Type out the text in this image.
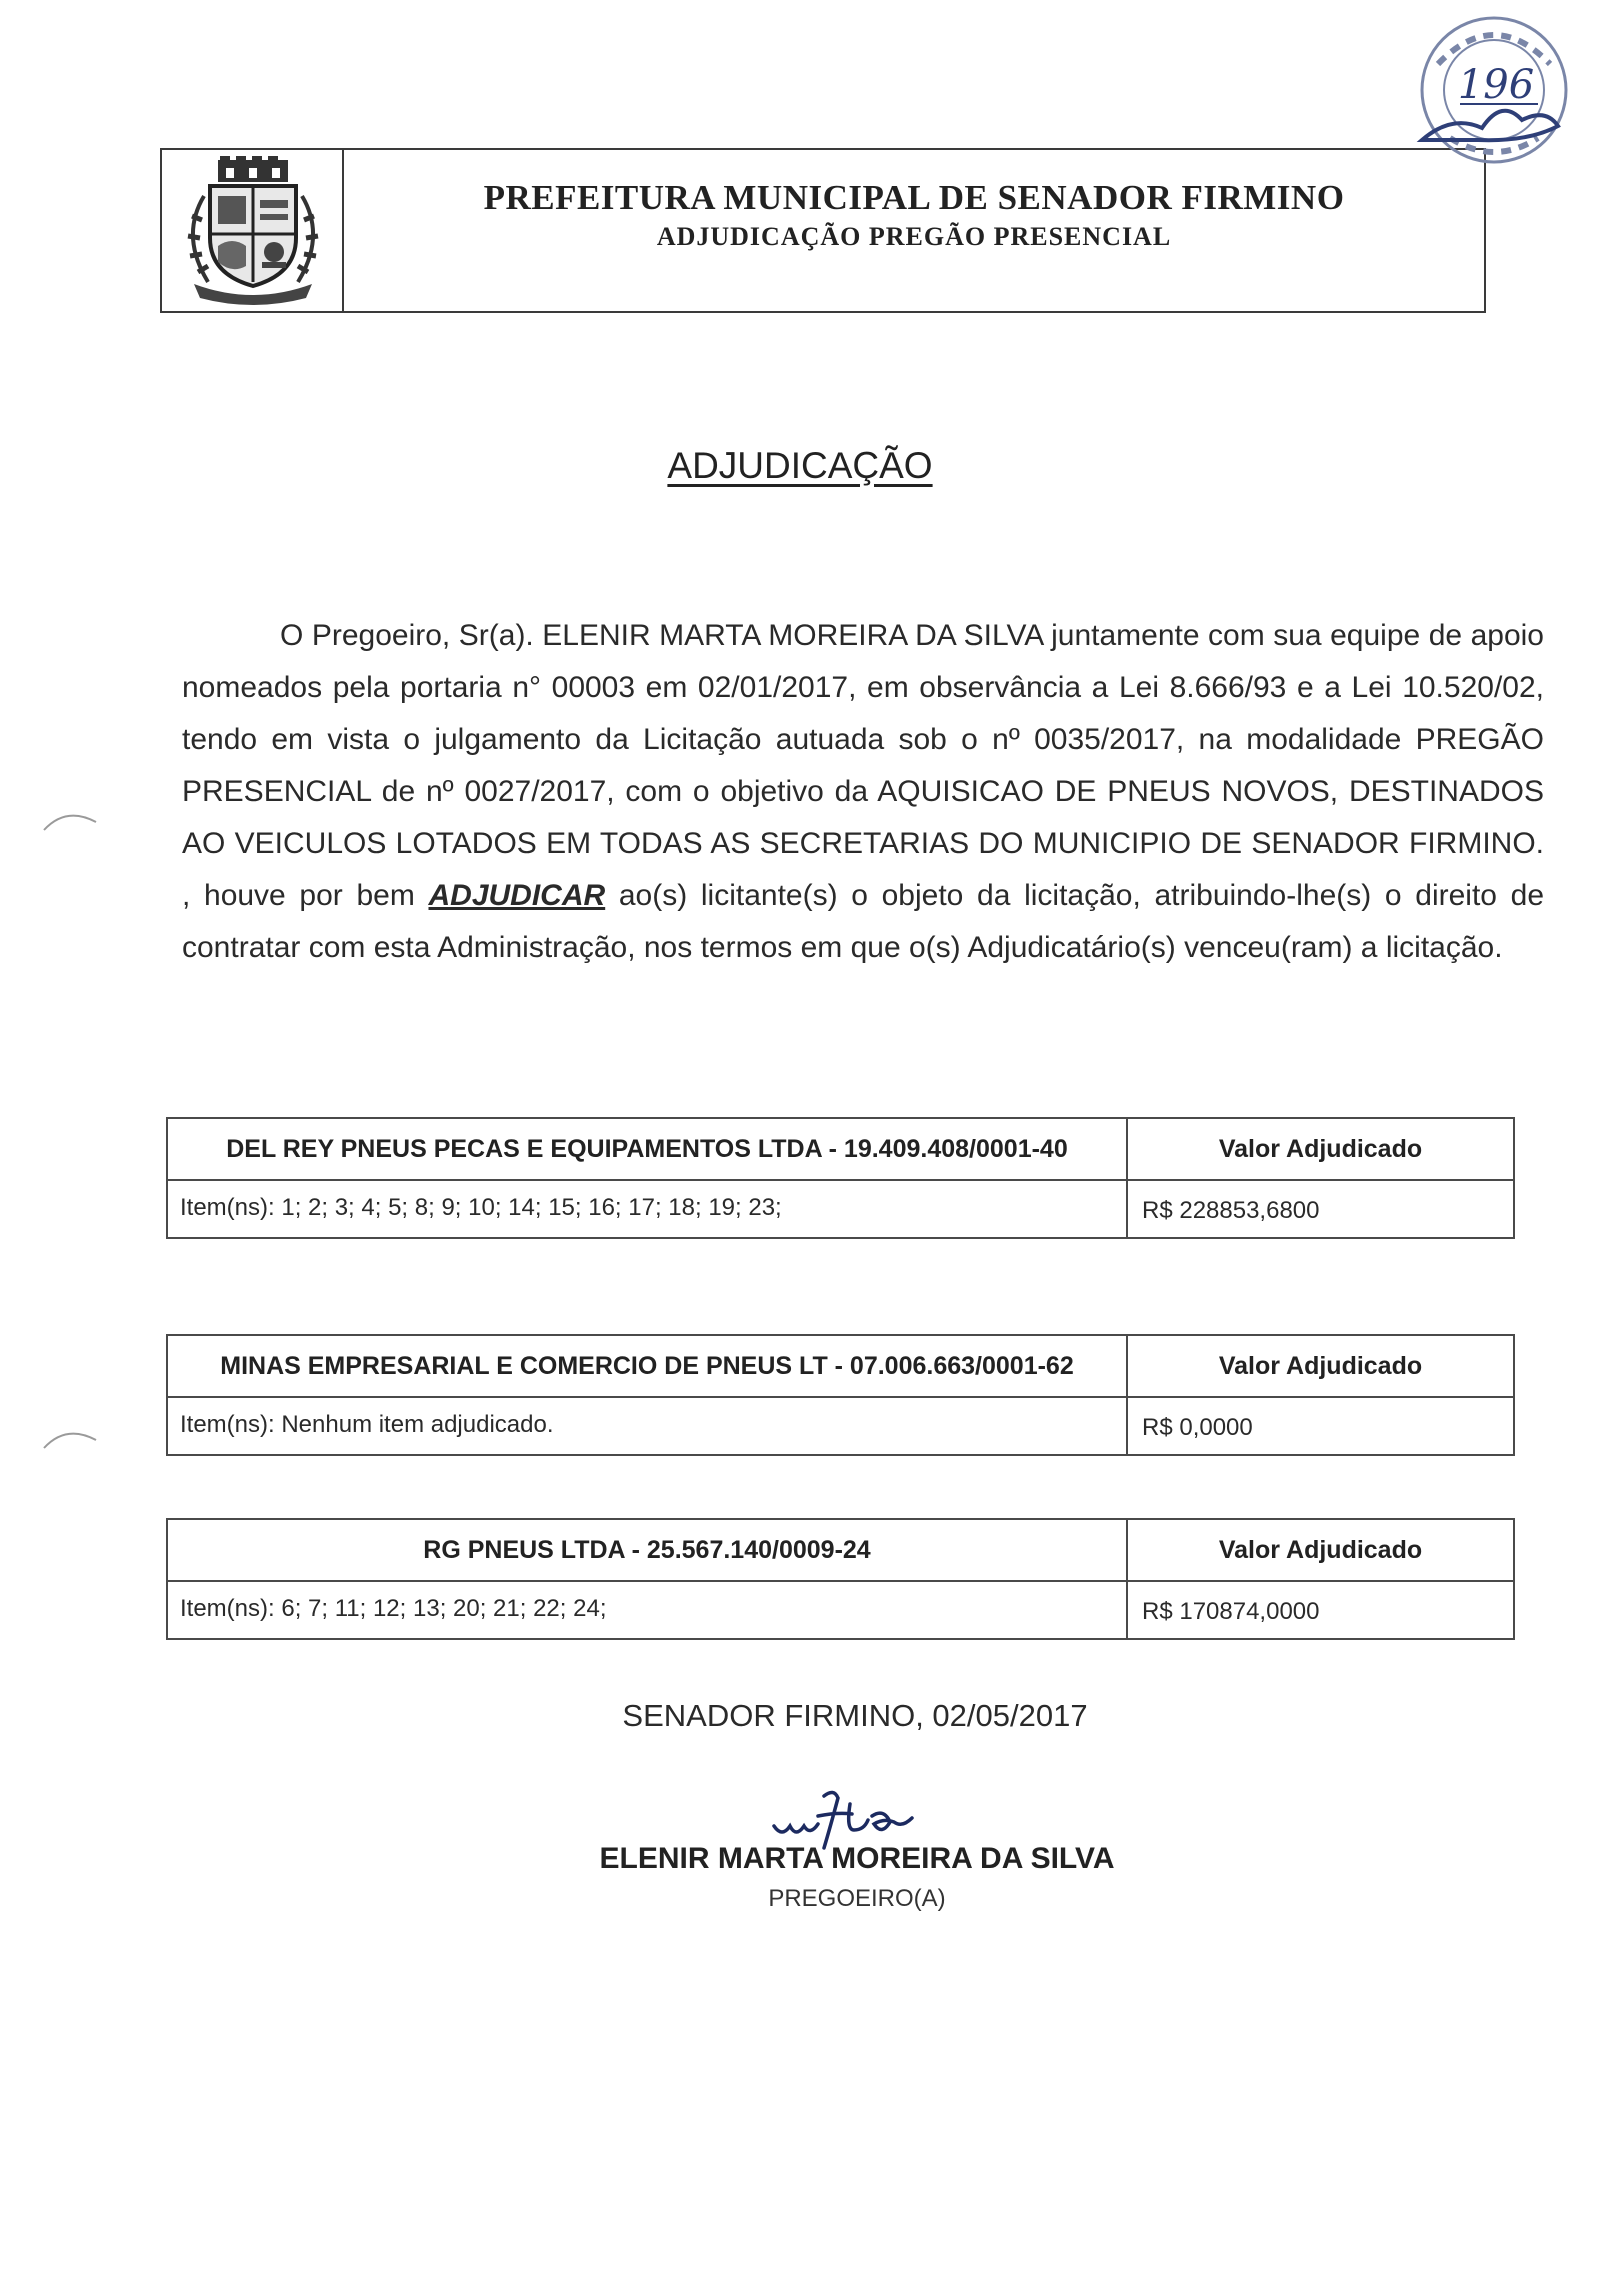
PREFEITURA MUNICIPAL DE SENADOR FIRMINO
ADJUDICAÇÃO PREGÃO PRESENCIAL
196
ADJUDICAÇÃO

O Pregoeiro, Sr(a). ELENIR MARTA MOREIRA DA SILVA juntamente com sua equipe de apoio nomeados pela portaria n° 00003 em 02/01/2017, em observância a Lei 8.666/93 e a Lei 10.520/02, tendo em vista o julgamento da Licitação autuada sob o nº 0035/2017, na modalidade PREGÃO PRESENCIAL de nº 0027/2017, com o objetivo da AQUISICAO DE PNEUS NOVOS, DESTINADOS AO VEICULOS LOTADOS EM TODAS AS SECRETARIAS DO MUNICIPIO DE SENADOR FIRMINO. , houve por bem ADJUDICAR ao(s) licitante(s) o objeto da licitação, atribuindo-lhe(s) o direito de contratar com esta Administração, nos termos em que o(s) Adjudicatário(s) venceu(ram) a licitação.

DEL REY PNEUS PECAS E EQUIPAMENTOS LTDA - 19.409.408/0001-40	Valor Adjudicado
Item(ns): 1; 2; 3; 4; 5; 8; 9; 10; 14; 15; 16; 17; 18; 19; 23;	R$ 228853,6800
MINAS EMPRESARIAL E COMERCIO DE PNEUS LT - 07.006.663/0001-62	Valor Adjudicado
Item(ns): Nenhum item adjudicado.	R$ 0,0000
RG PNEUS LTDA - 25.567.140/0009-24	Valor Adjudicado
Item(ns): 6; 7; 11; 12; 13; 20; 21; 22; 24;	R$ 170874,0000
SENADOR FIRMINO, 02/05/2017
ELENIR MARTA MOREIRA DA SILVA
PREGOEIRO(A)
